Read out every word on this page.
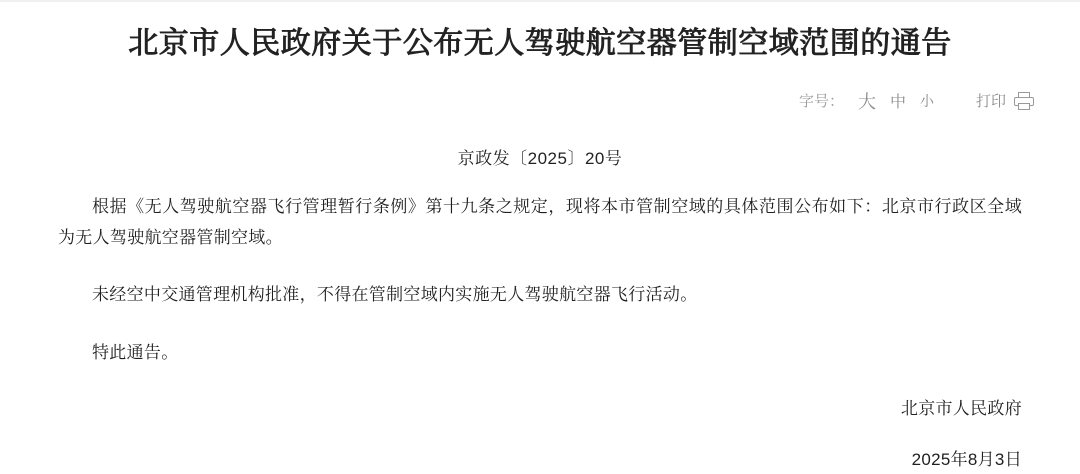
北京市人民政府关于公布无人驾驶航空器管制空域范围的通告
字号： 大 中 小	打印
京政发〔2025〕20号

根据《无人驾驶航空器飞行管理暂行条例》第十九条之规定，现将本市管制空域的具体范围公布如下：北京市行政区全域为无人驾驶航空器管制空域。

未经空中交通管理机构批准，不得在管制空域内实施无人驾驶航空器飞行活动。

特此通告。

北京市人民政府
2025年8月3日
